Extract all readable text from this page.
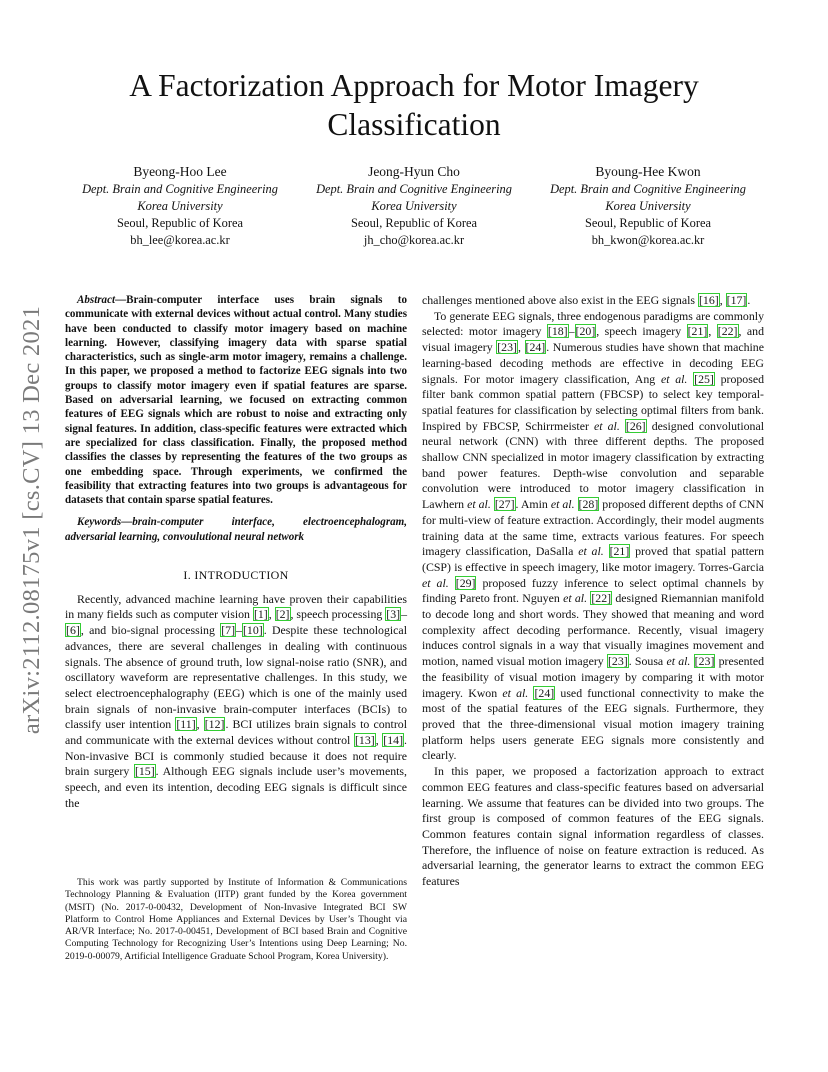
arXiv:2112.08175v1 [cs.CV] 13 Dec 2021
A Factorization Approach for Motor Imagery
Classification
Byeong-Hoo Lee
Dept. Brain and Cognitive Engineering
Korea University
Seoul, Republic of Korea
bh_lee@korea.ac.kr
Jeong-Hyun Cho
Dept. Brain and Cognitive Engineering
Korea University
Seoul, Republic of Korea
jh_cho@korea.ac.kr
Byoung-Hee Kwon
Dept. Brain and Cognitive Engineering
Korea University
Seoul, Republic of Korea
bh_kwon@korea.ac.kr

Abstract—Brain-computer interface uses brain signals to communicate with external devices without actual control. Many studies have been conducted to classify motor imagery based on machine learning. However, classifying imagery data with sparse spatial characteristics, such as single-arm motor imagery, remains a challenge. In this paper, we proposed a method to factorize EEG signals into two groups to classify motor imagery even if spatial features are sparse. Based on adversarial learning, we focused on extracting common features of EEG signals which are robust to noise and extracting only signal features. In addition, class-specific features were extracted which are specialized for class classification. Finally, the proposed method classifies the classes by representing the features of the two groups as one embedding space. Through experiments, we confirmed the feasibility that extracting features into two groups is advantageous for datasets that contain sparse spatial features.

Keywords—brain-computer interface, electroencephalogram, adversarial learning, convoulutional neural network

I. INTRODUCTION

Recently, advanced machine learning have proven their capabilities in many fields such as computer vision [1], [2], speech processing [3]–[6], and bio-signal processing [7]–[10]. Despite these technological advances, there are several challenges in dealing with continuous signals. The absence of ground truth, low signal-noise ratio (SNR), and oscillatory waveform are representative challenges. In this study, we select electroencephalography (EEG) which is one of the mainly used brain signals of non-invasive brain-computer interfaces (BCIs) to classify user intention [11], [12]. BCI utilizes brain signals to control and communicate with the external devices without control [13], [14]. Non-invasive BCI is commonly studied because it does not require brain surgery [15]. Although EEG signals include user’s movements, speech, and even its intention, decoding EEG signals is difficult since the

This work was partly supported by Institute of Information & Communications Technology Planning & Evaluation (IITP) grant funded by the Korea government (MSIT) (No. 2017-0-00432, Development of Non-Invasive Integrated BCI SW Platform to Control Home Appliances and External Devices by User’s Thought via AR/VR Interface; No. 2017-0-00451, Development of BCI based Brain and Cognitive Computing Technology for Recognizing User’s Intentions using Deep Learning; No. 2019-0-00079, Artificial Intelligence Graduate School Program, Korea University).

challenges mentioned above also exist in the EEG signals [16], [17].

To generate EEG signals, three endogenous paradigms are commonly selected: motor imagery [18]–[20], speech imagery [21], [22], and visual imagery [23], [24]. Numerous studies have shown that machine learning-based decoding methods are effective in decoding EEG signals. For motor imagery classification, Ang et al. [25] proposed filter bank common spatial pattern (FBCSP) to select key temporal-spatial features for classification by selecting optimal filters from bank. Inspired by FBCSP, Schirrmeister et al. [26] designed convolutional neural network (CNN) with three different depths. The proposed shallow CNN specialized in motor imagery classification by extracting band power features. Depth-wise convolution and separable convolution were introduced to motor imagery classification in Lawhern et al. [27]. Amin et al. [28] proposed different depths of CNN for multi-view of feature extraction. Accordingly, their model augments training data at the same time, extracts various features. For speech imagery classification, DaSalla et al. [21] proved that spatial pattern (CSP) is effective in speech imagery, like motor imagery. Torres-Garcia et al. [29] proposed fuzzy inference to select optimal channels by finding Pareto front. Nguyen et al. [22] designed Riemannian manifold to decode long and short words. They showed that meaning and word complexity affect decoding performance. Recently, visual imagery induces control signals in a way that visually imagines movement and motion, named visual motion imagery [23]. Sousa et al. [23] presented the feasibility of visual motion imagery by comparing it with motor imagery. Kwon et al. [24] used functional connectivity to make the most of the spatial features of the EEG signals. Furthermore, they proved that the three-dimensional visual motion imagery training platform helps users generate EEG signals more consistently and clearly.

In this paper, we proposed a factorization approach to extract common EEG features and class-specific features based on adversarial learning. We assume that features can be divided into two groups. The first group is composed of common features of the EEG signals. Common features contain signal information regardless of classes. Therefore, the influence of noise on feature extraction is reduced. As adversarial learning, the generator learns to extract the common EEG features
